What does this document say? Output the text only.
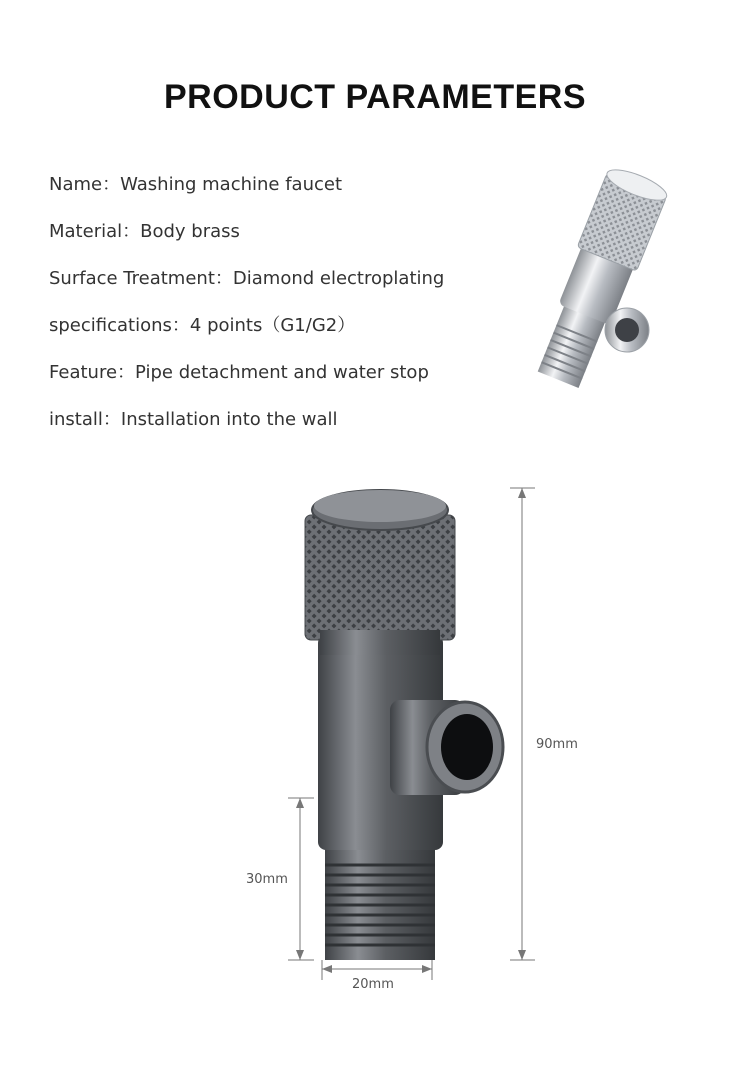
PRODUCT PARAMETERS
Name：Washing machine faucet
Material：Body brass
Surface Treatment：Diamond electroplating
specifications：4 points（G1/G2）
Feature：Pipe detachment and water stop
install：Installation into the wall
90mm
30mm
20mm
